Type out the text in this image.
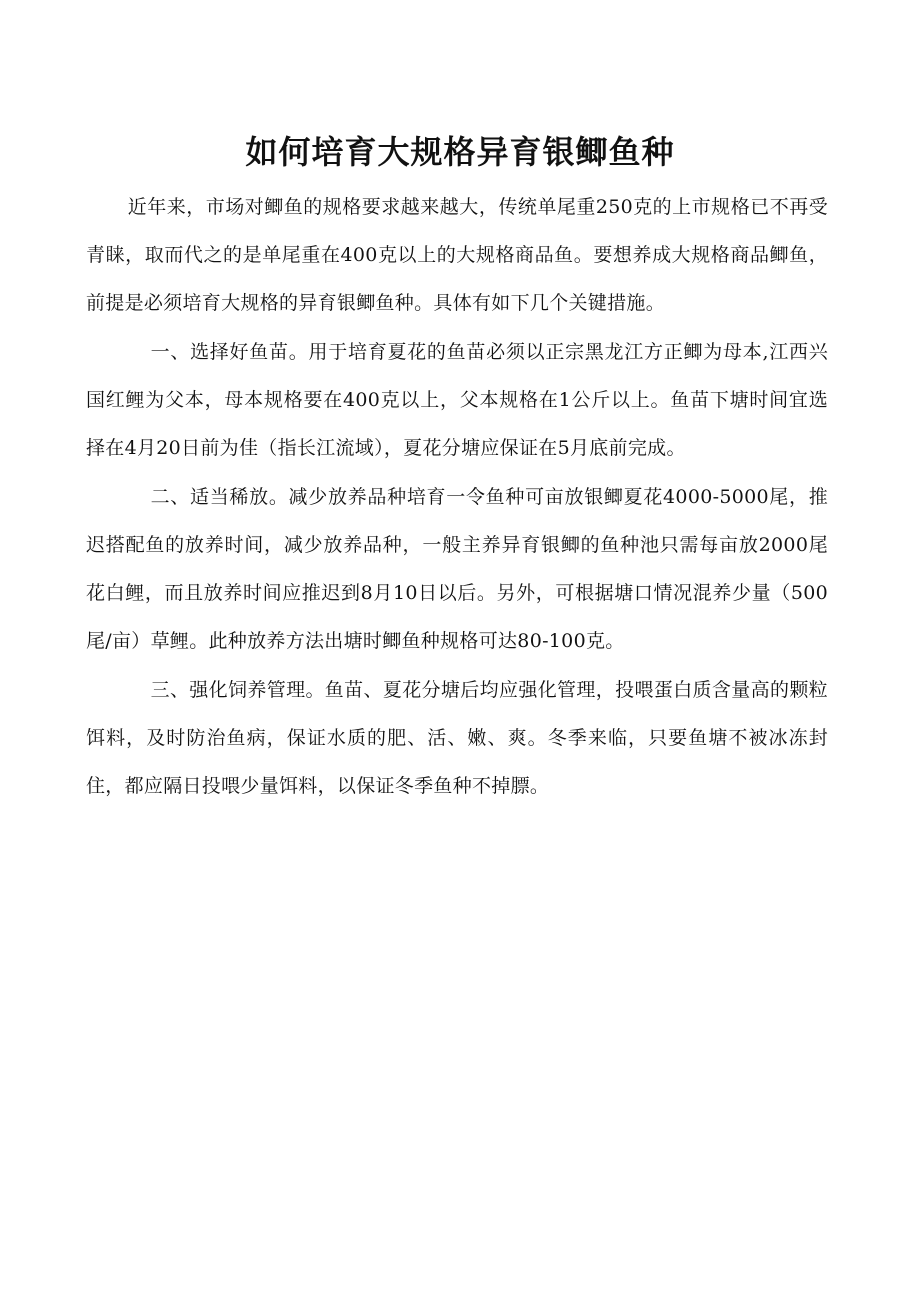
如何培育大规格异育银鲫鱼种

近年来，市场对鲫鱼的规格要求越来越大，传统单尾重250克的上市规格已不再受青睐，取而代之的是单尾重在400克以上的大规格商品鱼。要想养成大规格商品鲫鱼，前提是必须培育大规格的异育银鲫鱼种。具体有如下几个关键措施。

一、选择好鱼苗。用于培育夏花的鱼苗必须以正宗黑龙江方正鲫为母本,江西兴国红鲤为父本，母本规格要在400克以上，父本规格在1公斤以上。鱼苗下塘时间宜选择在4月20日前为佳（指长江流域），夏花分塘应保证在5月底前完成。

二、适当稀放。减少放养品种培育一令鱼种可亩放银鲫夏花4000-5000尾，推迟搭配鱼的放养时间，减少放养品种，一般主养异育银鲫的鱼种池只需每亩放2000尾花白鲤，而且放养时间应推迟到8月10日以后。另外，可根据塘口情况混养少量（500尾/亩）草鲤。此种放养方法出塘时鲫鱼种规格可达80-100克。

三、强化饲养管理。鱼苗、夏花分塘后均应强化管理，投喂蛋白质含量高的颗粒饵料，及时防治鱼病，保证水质的肥、活、嫩、爽。冬季来临，只要鱼塘不被冰冻封住，都应隔日投喂少量饵料，以保证冬季鱼种不掉膘。
